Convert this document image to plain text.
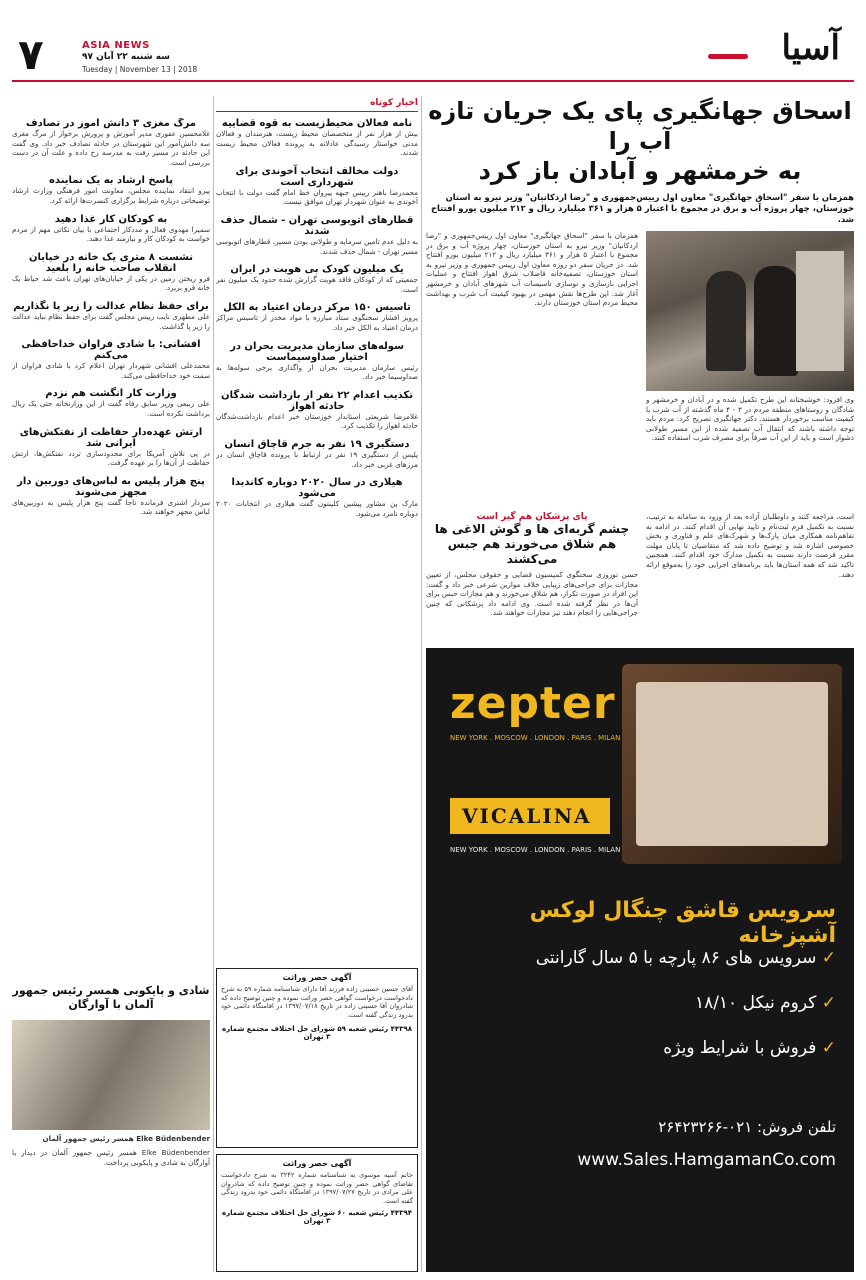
۷	ASIA NEWS
سه شنبه ۲۲ آبان ۹۷
Tuesday | November 13 | 2018
آسیا
اسحاق جهانگیری پای یک جریان تازه آب را
به خرمشهر و آبادان باز کرد
همزمان با سفر "اسحاق جهانگیری" معاون اول رییس‌جمهوری و "رضا اردکانیان" وزیر نیرو به استان خوزستان، چهار پروژه آب و برق در مجموع با اعتبار ۵ هزار و ۳۶۱ میلیارد ریال و ۲۱۲ میلیون یورو افتتاح شد.
همزمان با سفر "اسحاق جهانگیری" معاون اول رییس‌جمهوری و "رضا اردکانیان" وزیر نیرو به استان خوزستان، چهار پروژه آب و برق در مجموع با اعتبار ۵ هزار و ۳۶۱ میلیارد ریال و ۲۱۲ میلیون یورو افتتاح شد. در جریان سفر دو روزه معاون اول رییس جمهوری و وزیر نیرو به استان خوزستان، تصفیه‌خانه فاضلاب شرق اهواز افتتاح و عملیات اجرایی بازسازی و نوسازی تاسیسات آب شهرهای آبادان و خرمشهر آغاز شد. این طرح‌ها نقش مهمی در بهبود کیفیت آب شرب و بهداشت محیط مردم استان خوزستان دارند.
وی افزود: خوشبختانه این طرح تکمیل شده و در آبادان و خرمشهر و شادگان و روستاهای منطقه مردم در ۳ - ۴ ماه گذشته از آب شرب با کیفیت مناسب برخوردار هستند. دکتر جهانگیری تصریح کرد: مردم باید توجه داشته باشند که انتقال آب تصفیه شده از این مسیر طولانی دشوار است و باید از این آب صرفاً برای مصرف شرب استفاده کنند.
پای پزشکان هم گیر است
چشم گربه‌ای ها و گوش الاغی ها هم شلاق می‌خورند هم جبس می‌کشند
حسن نوروزی سخنگوی کمیسیون قضایی و حقوقی مجلس، از تعیین مجازات برای جراحی‌های زیبایی خلاف موازین شرعی خبر داد و گفت: این افراد در صورت تکرار، هم شلاق می‌خورند و هم مجازات حبس برای آن‌ها در نظر گرفته شده است. وی ادامه داد پزشکانی که چنین جراحی‌هایی را انجام دهند نیز مجازات خواهند شد.
است، مراجعه کنند و داوطلبان آزاده بعد از ورود به سامانه به ترتیب، نسبت به تکمیل فرم ثبت‌نام و تایید نهایی آن اقدام کنند. در ادامه به تفاهم‌نامه همکاری میان پارک‌ها و شهرک‌های علم و فناوری و بخش خصوصی اشاره شد و توضیح داده شد که متقاضیان تا پایان مهلت مقرر فرصت دارند نسبت به تکمیل مدارک خود اقدام کنند. همچنین تاکید شد که همه استان‌ها باید برنامه‌های اجرایی خود را به‌موقع ارائه دهند.
zepter
NEW YORK . MOSCOW . LONDON . PARIS . MILAN
VICALINA
NEW YORK . MOSCOW . LONDON . PARIS . MILAN
سرویس قاشق چنگال لوکس آشپزخانه
✓ سرویس های ۸۶ پارچه با ۵ سال گارانتی
✓ کروم نیکل ۱۸/۱۰
✓ فروش با شرایط ویژه
تلفن فروش: ۰۲۱-۲۶۴۲۳۲۶۶
www.Sales.HamgamanCo.com
اخبار کوتاه
نامه فعالان محیط‌زیست به قوه قضاییه
بیش از هزار نفر از متخصصان محیط زیست، هنرمندان و فعالان مدنی خواستار رسیدگی عادلانه به پرونده فعالان محیط زیست شدند.
دولت مخالف انتخاب آخوندی برای شهرداری است
محمدرضا باهنر رییس جبهه پیروان خط امام گفت دولت با انتخاب آخوندی به عنوان شهردار تهران موافق نیست.
قطارهای اتوبوسی تهران - شمال حذف شدند
به دلیل عدم تامین سرمایه و طولانی بودن مسیر، قطارهای اتوبوسی مسیر تهران - شمال حذف شدند.
یک میلیون کودک بی هویت در ایران
جمعیتی که از کودکان فاقد هویت گزارش شده حدود یک میلیون نفر است.
تاسیس ۱۵۰ مرکز درمان اعتیاد به الکل
پرویز افشار سخنگوی ستاد مبارزه با مواد مخدر از تاسیس مراکز درمان اعتیاد به الکل خبر داد.
سوله‌های سازمان مدیریت بحران در اختیار صداوسیماست
رئیس سازمان مدیریت بحران از واگذاری برخی سوله‌ها به صداوسیما خبر داد.
تکذیب اعدام ۲۲ نفر از بازداشت شدگان حادثه اهواز
غلامرضا شریعتی استاندار خوزستان خبر اعدام بازداشت‌شدگان حادثه اهواز را تکذیب کرد.
دستگیری ۱۹ نفر به جرم قاچاق انسان
پلیس از دستگیری ۱۹ نفر در ارتباط با پرونده قاچاق انسان در مرزهای غربی خبر داد.
هیلاری در سال ۲۰۲۰ دوباره کاندیدا می‌شود
مارک پن مشاور پیشین کلینتون گفت هیلاری در انتخابات ۲۰۲۰ دوباره نامزد می‌شود.
مرگ مغزی ۳ دانش آموز در تصادف
غلامحسین عفوری مدیر آموزش و پرورش برخوار از مرگ مغزی سه دانش‌آموز این شهرستان در حادثه تصادف خبر داد. وی گفت این حادثه در مسیر رفت به مدرسه رخ داده و علت آن در دست بررسی است.
پاسخ ارشاد به یک نماینده
پیرو انتقاد نماینده مجلس، معاونت امور فرهنگی وزارت ارشاد توضیحاتی درباره شرایط برگزاری کنسرت‌ها ارائه کرد.
به کودکان کار غذا دهید
سمیرا مهدوی فعال و مددکار اجتماعی با بیان نکاتی مهم از مردم خواست به کودکان کار و نیازمند غذا دهند.
نشست ۸ متری یک خانه در خیابان انقلاب صاحب خانه را بلعید
فرو ریختن زمین در یکی از خیابان‌های تهران باعث شد حیاط یک خانه فرو بریزد.
برای حفظ نظام عدالت را زیر پا نگذاریم
علی مطهری نایب رییس مجلس گفت برای حفظ نظام نباید عدالت را زیر پا گذاشت.
افشانی: با شادی فراوان خداحافظی می‌کنم
محمدعلی افشانی شهردار تهران اعلام کرد با شادی فراوان از سمت خود خداحافظی می‌کند.
وزارت کار انگشت هم نزدم
علی ربیعی وزیر سابق رفاه گفت از این وزارتخانه حتی یک ریال برداشت نکرده است.
ارتش عهده‌دار حفاظت از نفتکش‌های ایرانی شد
در پی تلاش آمریکا برای محدودسازی تردد نفتکش‌ها، ارتش حفاظت از آن‌ها را بر عهده گرفت.
پنج هزار پلیس به لباس‌های دوربین دار مجهز می‌شوند
سردار اشتری فرمانده ناجا گفت پنج هزار پلیس به دوربین‌های لباس مجهز خواهند شد.
شادی و پایکوبی همسر رئیس جمهور آلمان با آوارگان
Elke Büdenbender همسر رئیس جمهور آلمان
Elke Büdenbender همسر رئیس جمهور آلمان در دیدار با آوارگان به شادی و پایکوبی پرداخت.
آگهی حصر وراثت
آقای حسین حسینی زاده فرزند آقا دارای شناسنامه شماره ۵۹ به شرح دادخواست درخواست گواهی حصر وراثت نموده و چنین توضیح داده که شادروان آقا حسینی زاده در تاریخ ۱۳۹۷/۰۷/۱۸ در اقامتگاه دائمی خود بدرود زندگی گفته است.
۴۴۳۹۸ رئیس شعبه ۵۹ شورای حل اختلاف مجتمع شماره ۳ تهران
آگهی حصر وراثت
خانم آسیه موسوی به شناسنامه شماره ۳۲۴۲ به شرح دادخواست تقاضای گواهی حصر وراثت نموده و چنین توضیح داده که شادروان علی مرادی در تاریخ ۱۳۹۷/۰۷/۲۷ در اقامتگاه دائمی خود بدرود زندگی گفته است.
۴۴۳۹۴ رئیس شعبه ۶۰ شورای حل اختلاف مجتمع شماره ۳ تهران
